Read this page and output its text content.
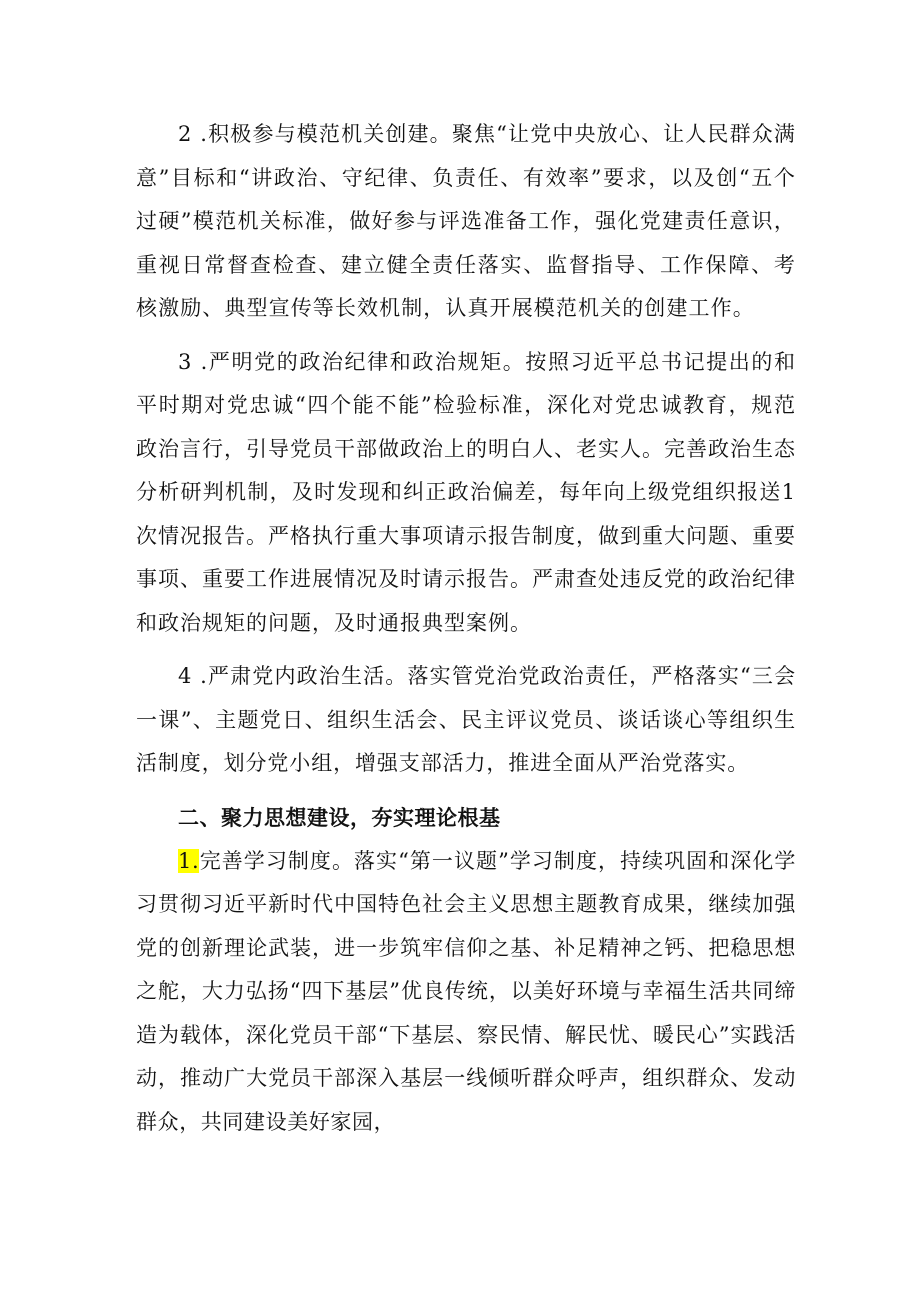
2 .积极参与模范机关创建。聚焦“让党中央放心、让人民群众满意”目标和“讲政治、守纪律、负责任、有效率”要求，以及创“五个过硬”模范机关标准，做好参与评选准备工作，强化党建责任意识，重视日常督查检查、建立健全责任落实、监督指导、工作保障、考核激励、典型宣传等长效机制，认真开展模范机关的创建工作。

3 .严明党的政治纪律和政治规矩。按照习近平总书记提出的和平时期对党忠诚“四个能不能”检验标准，深化对党忠诚教育，规范政治言行，引导党员干部做政治上的明白人、老实人。完善政治生态分析研判机制，及时发现和纠正政治偏差，每年向上级党组织报送1次情况报告。严格执行重大事项请示报告制度，做到重大问题、重要事项、重要工作进展情况及时请示报告。严肃查处违反党的政治纪律和政治规矩的问题，及时通报典型案例。

4 .严肃党内政治生活。落实管党治党政治责任，严格落实“三会一课”、主题党日、组织生活会、民主评议党员、谈话谈心等组织生活制度，划分党小组，增强支部活力，推进全面从严治党落实。

二、聚力思想建设，夯实理论根基

1.完善学习制度。落实“第一议题”学习制度，持续巩固和深化学习贯彻习近平新时代中国特色社会主义思想主题教育成果，继续加强党的创新理论武装，进一步筑牢信仰之基、补足精神之钙、把稳思想之舵，大力弘扬“四下基层”优良传统，以美好环境与幸福生活共同缔造为载体，深化党员干部“下基层、察民情、解民忧、暖民心”实践活动，推动广大党员干部深入基层一线倾听群众呼声，组织群众、发动群众，共同建设美好家园，
